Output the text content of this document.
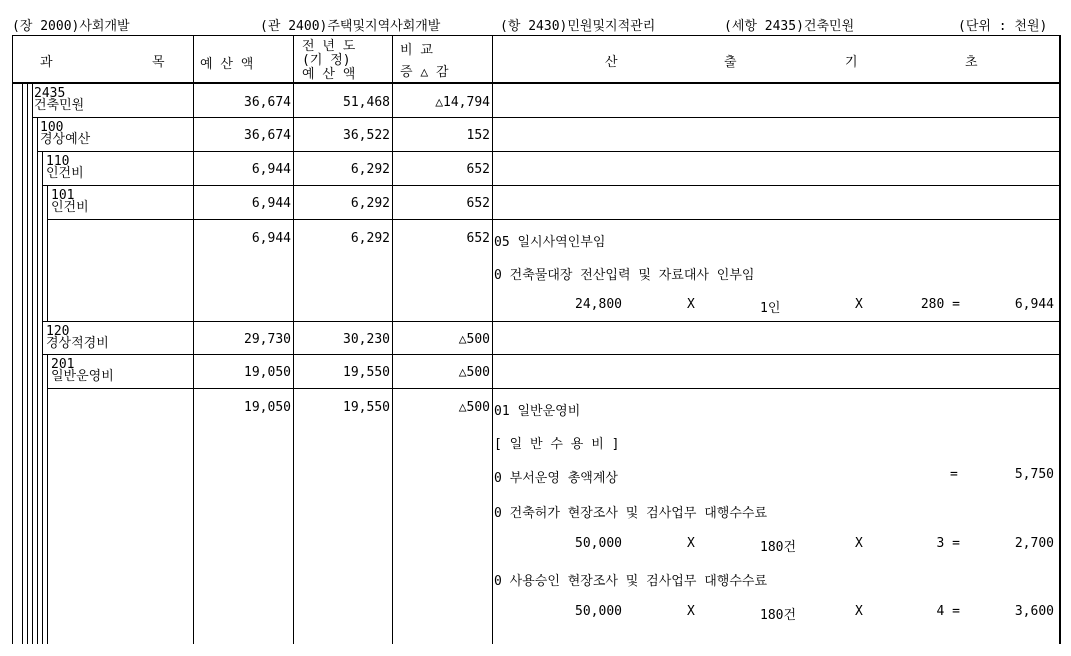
(장 2000)사회개발	(관 2400)주택및지역사회개발	(항 2430)민원및지적관리	(세항 2435)건축민원	(단위 : 천원)
과	목	예 산 액
전 년 도
(기 정)
예 산 액
비 교
증 △ 감
산	출	기	초
2435
건축민원	36,674	51,468	△14,794
100
경상예산	36,674	36,522	152
110
인건비	6,944	6,292	652
101
인건비	6,944	6,292	652
6,944	6,292	652 05 일시사역인부임
0 건축물대장 전산입력 및 자료대사 인부임
24,800	X	1인	X	280 =	6,944
120
경상적경비	29,730	30,230	△500
201
일반운영비	19,050	19,550	△500
19,050	19,550	△500 01 일반운영비
[ 일 반 수 용 비 ]
0 부서운영 총액계상	=	5,750
0 건축허가 현장조사 및 검사업무 대행수수료
50,000	X	180건	X	3 =	2,700
0 사용승인 현장조사 및 검사업무 대행수수료
50,000	X	180건	X	4 =	3,600
